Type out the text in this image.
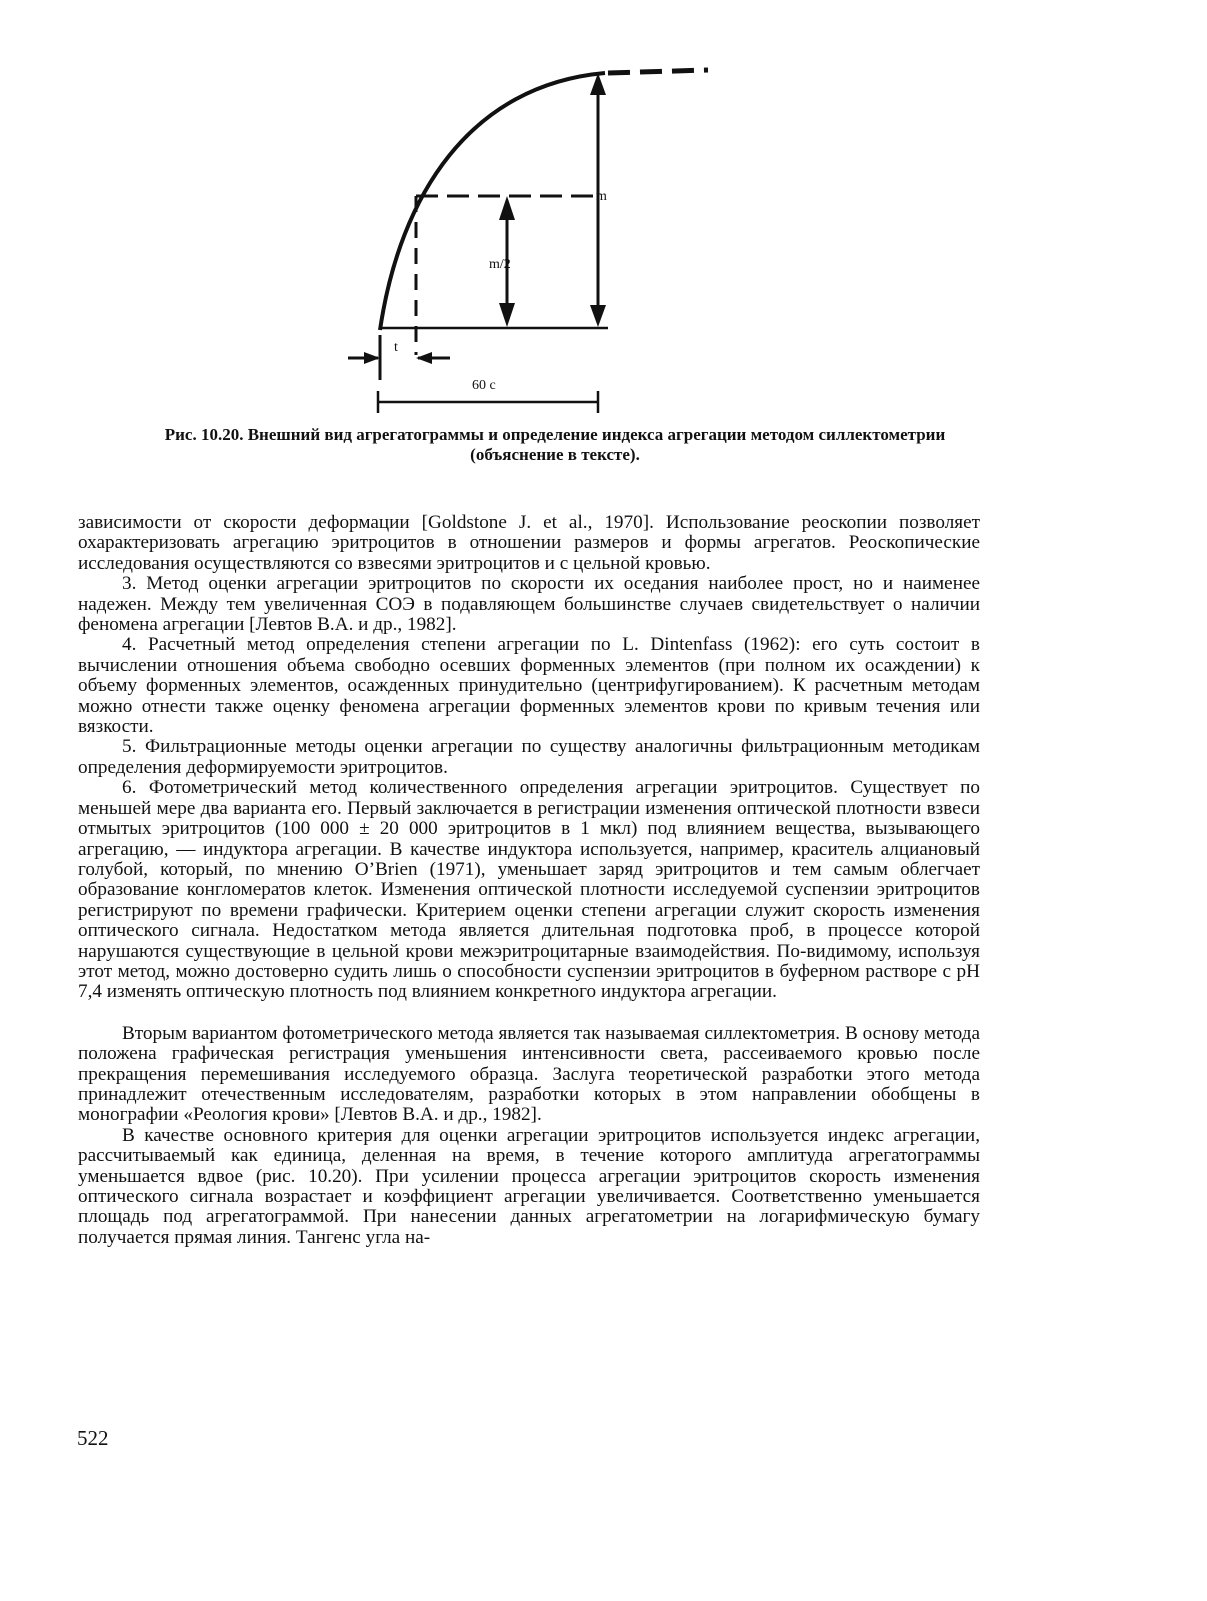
m
m/2
t
60 c
Рис. 10.20. Внешний вид агрегатограммы и определение индекса агрегации методом силлектометрии (объяснение в тексте).

зависимости от скорости деформации [Goldstone J. et al., 1970]. Использование реоскопии позволяет охарактеризовать агрегацию эритроцитов в отношении размеров и формы агрегатов. Реоскопические исследования осуществляются со взвесями эритроцитов и с цельной кровью.

3. Метод оценки агрегации эритроцитов по скорости их оседания наиболее прост, но и наименее надежен. Между тем увеличенная СОЭ в подавляющем большинстве случаев свидетельствует о наличии феномена агрегации [Левтов В.А. и др., 1982].

4. Расчетный метод определения степени агрегации по L. Dintenfass (1962): его суть состоит в вычислении отношения объема свободно осевших форменных элементов (при полном их осаждении) к объему форменных элементов, осажденных принудительно (центрифугированием). К расчетным методам можно отнести также оценку феномена агрегации форменных элементов крови по кривым течения или вязкости.

5. Фильтрационные методы оценки агрегации по существу аналогичны фильтрационным методикам определения деформируемости эритроцитов.

6. Фотометрический метод количественного определения агрегации эритроцитов. Существует по меньшей мере два варианта его. Первый заключается в регистрации изменения оптической плотности взвеси отмытых эритроцитов (100 000 ± 20 000 эритроцитов в 1 мкл) под влиянием вещества, вызывающего агрегацию, — индуктора агрегации. В качестве индуктора используется, например, краситель алциановый голубой, который, по мнению O’Brien (1971), уменьшает заряд эритроцитов и тем самым облегчает образование конгломератов клеток. Изменения оптической плотности исследуемой суспензии эритроцитов регистрируют по времени графически. Критерием оценки степени агрегации служит скорость изменения оптического сигнала. Недостатком метода является длительная подготовка проб, в процессе которой нарушаются существующие в цельной крови межэритроцитарные взаимодействия. По-видимому, используя этот метод, можно достоверно судить лишь о способности суспензии эритроцитов в буферном растворе с рН 7,4 изменять оптическую плотность под влиянием конкретного индуктора агрегации.

Вторым вариантом фотометрического метода является так называемая силлектометрия. В основу метода положена графическая регистрация уменьшения интенсивности света, рассеиваемого кровью после прекращения перемешивания исследуемого образца. Заслуга теоретической разработки этого метода принадлежит отечественным исследователям, разработки которых в этом направлении обобщены в монографии «Реология крови» [Левтов В.А. и др., 1982].

В качестве основного критерия для оценки агрегации эритроцитов используется индекс агрегации, рассчитываемый как единица, деленная на время, в течение которого амплитуда агрегатограммы уменьшается вдвое (рис. 10.20). При усилении процесса агрегации эритроцитов скорость изменения оптического сигнала возрастает и коэффициент агрегации увеличивается. Соответственно уменьшается площадь под агрегатограммой. При нанесении данных агрегатометрии на логарифмическую бумагу получается прямая линия. Тангенс угла на-

522
